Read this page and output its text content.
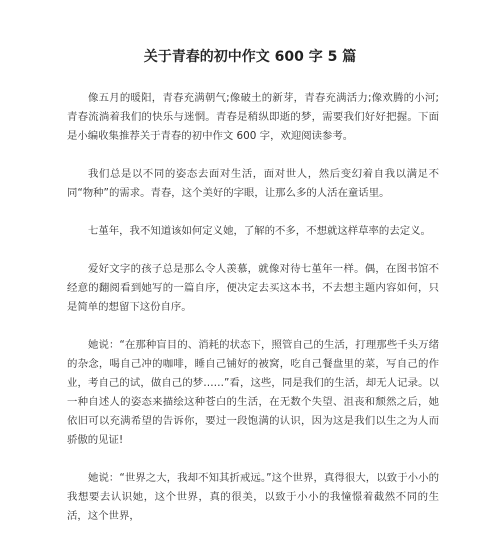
关于青春的初中作文 600 字 5 篇

像五月的暖阳，青春充满朝气;像破土的新芽，青春充满活力;像欢腾的小河;青春流淌着我们的快乐与迷惘。青春是稍纵即逝的梦，需要我们好好把握。下面是小编收集推荐关于青春的初中作文 600 字，欢迎阅读参考。

我们总是以不同的姿态去面对生活，面对世人，然后变幻着自我以满足不同“物种”的需求。青春，这个美好的字眼，让那么多的人活在童话里。

七堇年，我不知道该如何定义她，了解的不多，不想就这样草率的去定义。

爱好文字的孩子总是那么令人羡慕，就像对待七堇年一样。偶，在图书馆不经意的翻阅看到她写的一篇自序，便决定去买这本书，不去想主题内容如何，只是简单的想留下这份自序。

她说：“在那种盲目的、消耗的状态下，照管自己的生活，打理那些千头万绪的杂念，喝自己冲的咖啡，睡自己铺好的被窝，吃自己餐盘里的菜，写自己的作业，考自己的试，做自己的梦……”看，这些，同是我们的生活，却无人记录。以一种自述人的姿态来描绘这种苍白的生活，在无数个失望、沮丧和颓然之后，她依旧可以充满希望的告诉你，要过一段饱满的认识，因为这是我们以生之为人而骄傲的见证!

她说：“世界之大，我却不知其折戒远。”这个世界，真得很大，以致于小小的我想要去认识她，这个世界，真的很美，以致于小小的我憧憬着截然不同的生活，这个世界，
